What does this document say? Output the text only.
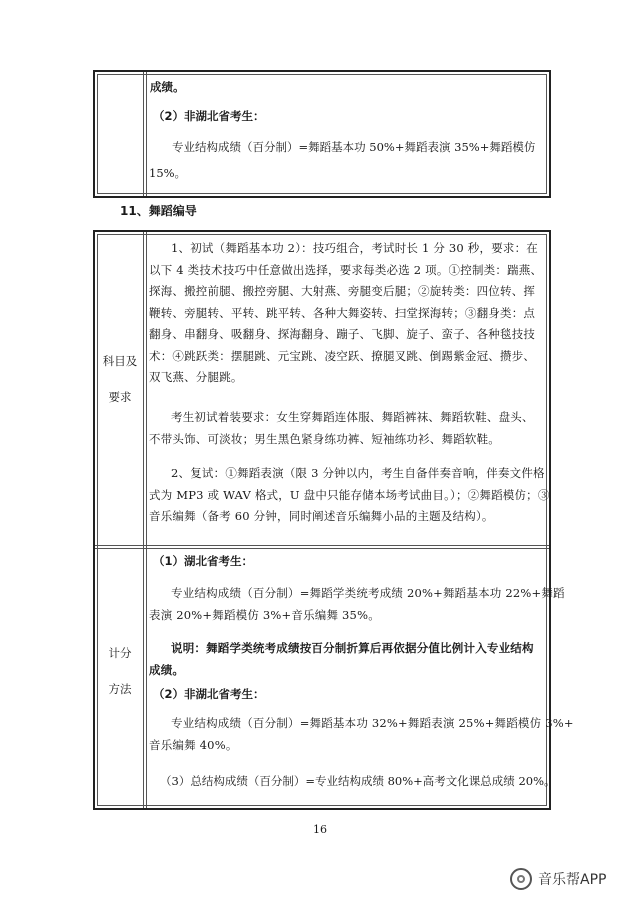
成绩。
（2）非湖北省考生：
专业结构成绩（百分制）=舞蹈基本功 50%+舞蹈表演 35%+舞蹈模仿
15%。
11、舞蹈编导
科目及
要求
1、初试（舞蹈基本功 2）：技巧组合，考试时长 1 分 30 秒，要求：在
以下 4 类技术技巧中任意做出选择，要求每类必选 2 项。①控制类：踹燕、
探海、搬控前腿、搬控旁腿、大射燕、旁腿变后腿；②旋转类：四位转、挥
鞭转、旁腿转、平转、跳平转、各种大舞姿转、扫堂探海转；③翻身类：点
翻身、串翻身、吸翻身、探海翻身、蹦子、飞脚、旋子、蛮子、各种毯技技
术：④跳跃类：摆腿跳、元宝跳、凌空跃、撩腿叉跳、倒踢紫金冠、攒步、
双飞燕、分腿跳。
考生初试着装要求：女生穿舞蹈连体服、舞蹈裤袜、舞蹈软鞋、盘头、
不带头饰、可淡妆；男生黑色紧身练功裤、短袖练功衫、舞蹈软鞋。
2、复试：①舞蹈表演（限 3 分钟以内，考生自备伴奏音响，伴奏文件格
式为 MP3 或 WAV 格式，U 盘中只能存储本场考试曲目。）；②舞蹈模仿；③
音乐编舞（备考 60 分钟，同时阐述音乐编舞小品的主题及结构）。
计分
方法
（1）湖北省考生：
专业结构成绩（百分制）=舞蹈学类统考成绩 20%+舞蹈基本功 22%+舞蹈
表演 20%+舞蹈模仿 3%+音乐编舞 35%。
说明：舞蹈学类统考成绩按百分制折算后再依据分值比例计入专业结构
成绩。
（2）非湖北省考生：
专业结构成绩（百分制）=舞蹈基本功 32%+舞蹈表演 25%+舞蹈模仿 3%+
音乐编舞 40%。
（3）总结构成绩（百分制）=专业结构成绩 80%+高考文化课总成绩 20%。
16
音乐帮APP
